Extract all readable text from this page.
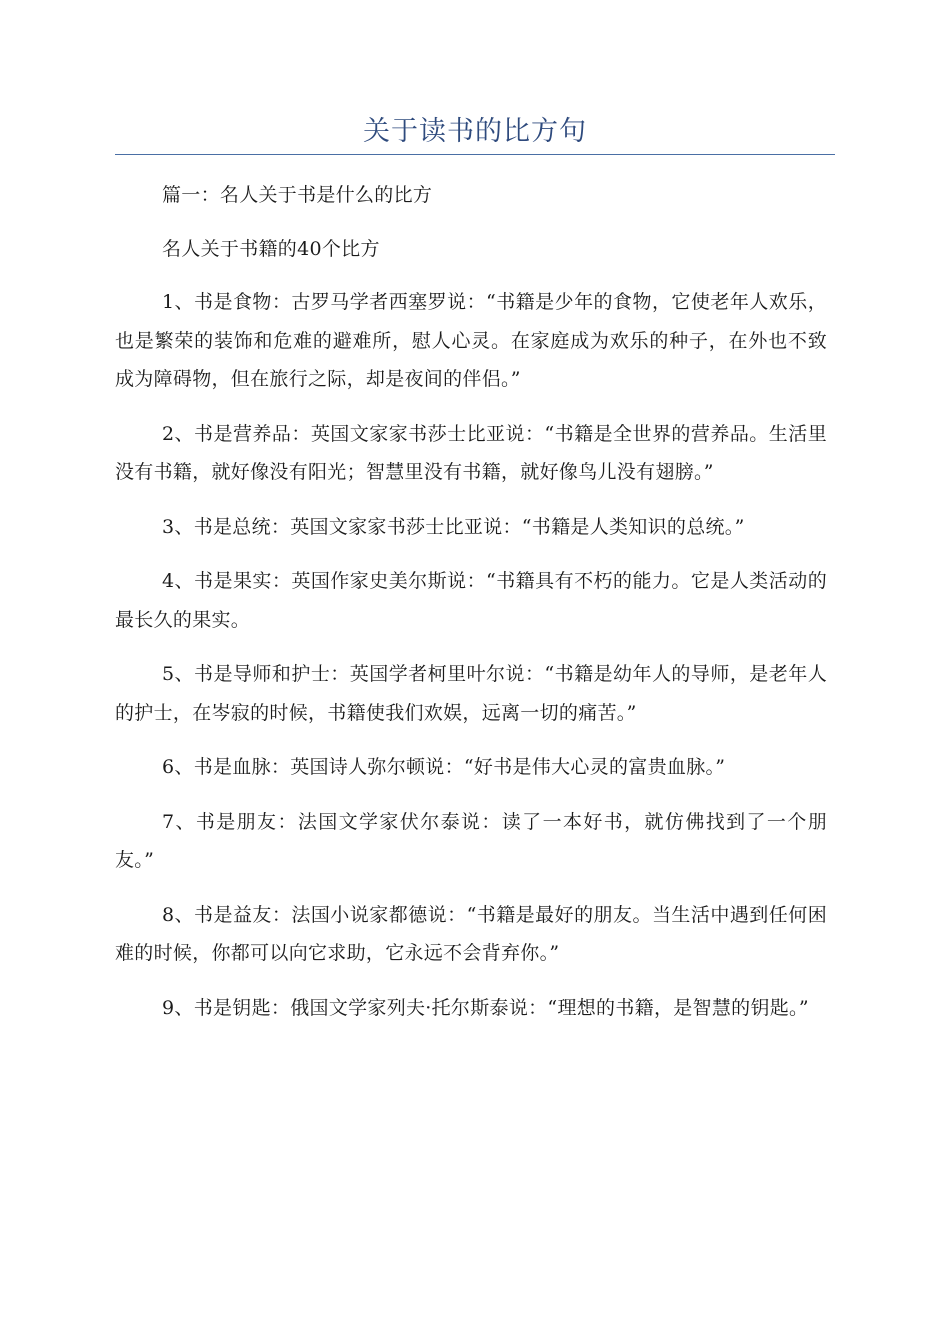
关于读书的比方句

篇一：名人关于书是什么的比方

名人关于书籍的40个比方

1、书是食物：古罗马学者西塞罗说：“书籍是少年的食物，它使老年人欢乐，也是繁荣的装饰和危难的避难所，慰人心灵。在家庭成为欢乐的种子，在外也不致成为障碍物，但在旅行之际，却是夜间的伴侣。”

2、书是营养品：英国文家家书莎士比亚说：“书籍是全世界的营养品。生活里没有书籍，就好像没有阳光；智慧里没有书籍，就好像鸟儿没有翅膀。”

3、书是总统：英国文家家书莎士比亚说：“书籍是人类知识的总统。”

4、书是果实：英国作家史美尔斯说：“书籍具有不朽的能力。它是人类活动的最长久的果实。

5、书是导师和护士：英国学者柯里叶尔说：“书籍是幼年人的导师，是老年人的护士，在岑寂的时候，书籍使我们欢娱，远离一切的痛苦。”

6、书是血脉：英国诗人弥尔顿说：“好书是伟大心灵的富贵血脉。”

7、书是朋友：法国文学家伏尔泰说：读了一本好书，就仿佛找到了一个朋友。”

8、书是益友：法国小说家都德说：“书籍是最好的朋友。当生活中遇到任何困难的时候，你都可以向它求助，它永远不会背弃你。”

9、书是钥匙：俄国文学家列夫·托尔斯泰说：“理想的书籍，是智慧的钥匙。”
